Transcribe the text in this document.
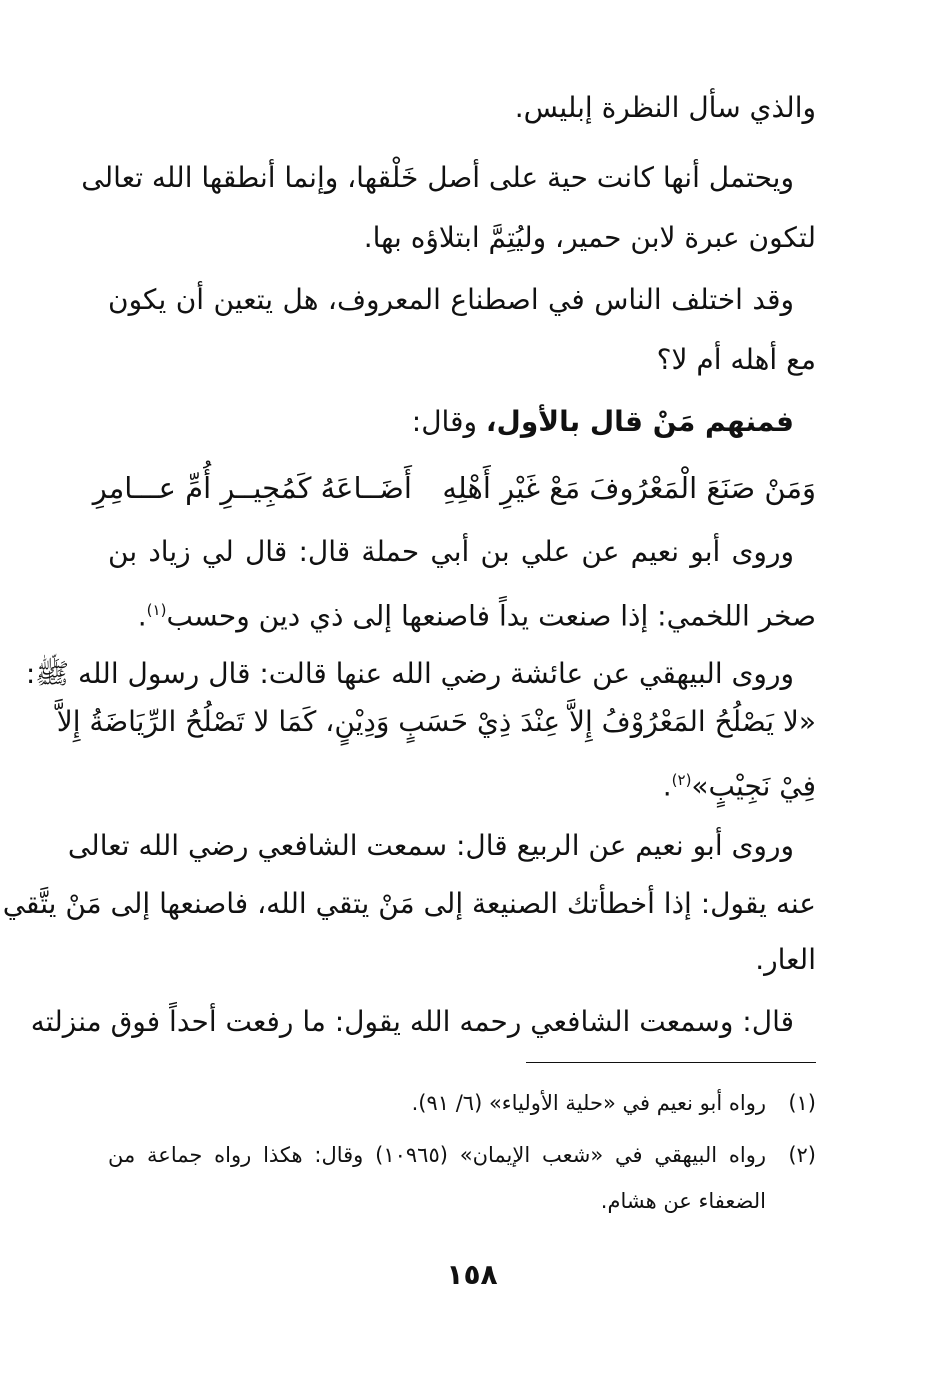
والذي سأل النظرة إبليس.
ويحتمل أنها كانت حية على أصل خَلْقها، وإنما أنطقها الله تعالى
لتكون عبرة لابن حمير، وليُتِمَّ ابتلاؤه بها.
وقد اختلف الناس في اصطناع المعروف، هل يتعين أن يكون
مع أهله أم لا؟
فمنهم مَنْ قال بالأول، وقال:
وَمَنْ صَنَعَ الْمَعْرُوفَ مَعْ غَيْرِ أَهْلِهِ
أَضَــاعَهُ كَمُجِيــرِ أُمِّ عـــامِرِ
وروى أبو نعيم عن علي بن أبي حملة قال: قال لي زياد بن
صخر اللخمي: إذا صنعت يداً فاصنعها إلى ذي دين وحسب$^{(١)}$.
وروى البيهقي عن عائشة رضي الله عنها قالت: قال رسول الله ﷺ:
«لا يَصْلُحُ المَعْرُوْفُ إِلاَّ عِنْدَ ذِيْ حَسَبٍ وَدِيْنٍ، كَمَا لا تَصْلُحُ الرِّيَاضَةُ إِلاَّ
فِيْ نَجِيْبٍ»$^{(٢)}$.
وروى أبو نعيم عن الربيع قال: سمعت الشافعي رضي الله تعالى
عنه يقول: إذا أخطأتك الصنيعة إلى مَنْ يتقي الله، فاصنعها إلى مَنْ يتَّقي
العار.
قال: وسمعت الشافعي رحمه الله يقول: ما رفعت أحداً فوق منزلته
(١)
رواه أبو نعيم في «حلية الأولياء» (٦/ ٩١).
(٢)
رواه البيهقي في «شعب الإيمان» (١٠٩٦٥) وقال: هكذا رواه جماعة من
الضعفاء عن هشام.
١٥٨
